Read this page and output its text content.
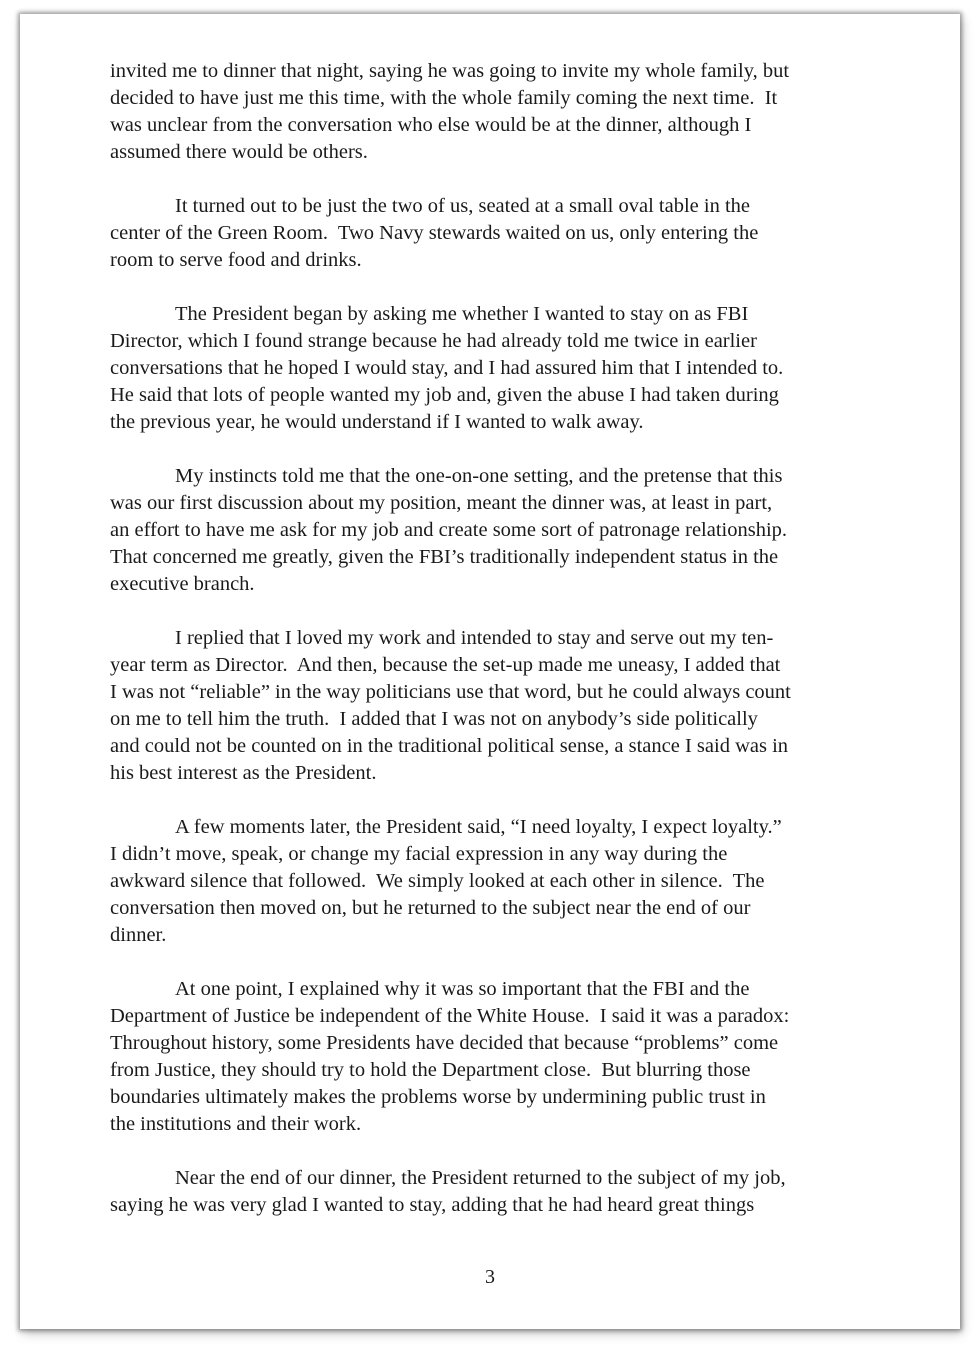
invited me to dinner that night, saying he was going to invite my whole family, but
decided to have just me this time, with the whole family coming the next time.  It
was unclear from the conversation who else would be at the dinner, although I
assumed there would be others.
It turned out to be just the two of us, seated at a small oval table in the
center of the Green Room.  Two Navy stewards waited on us, only entering the
room to serve food and drinks.
The President began by asking me whether I wanted to stay on as FBI
Director, which I found strange because he had already told me twice in earlier
conversations that he hoped I would stay, and I had assured him that I intended to.
He said that lots of people wanted my job and, given the abuse I had taken during
the previous year, he would understand if I wanted to walk away.
My instincts told me that the one-on-one setting, and the pretense that this
was our first discussion about my position, meant the dinner was, at least in part,
an effort to have me ask for my job and create some sort of patronage relationship.
That concerned me greatly, given the FBI’s traditionally independent status in the
executive branch.
I replied that I loved my work and intended to stay and serve out my ten-
year term as Director.  And then, because the set-up made me uneasy, I added that
I was not “reliable” in the way politicians use that word, but he could always count
on me to tell him the truth.  I added that I was not on anybody’s side politically
and could not be counted on in the traditional political sense, a stance I said was in
his best interest as the President.
A few moments later, the President said, “I need loyalty, I expect loyalty.”
I didn’t move, speak, or change my facial expression in any way during the
awkward silence that followed.  We simply looked at each other in silence.  The
conversation then moved on, but he returned to the subject near the end of our
dinner.
At one point, I explained why it was so important that the FBI and the
Department of Justice be independent of the White House.  I said it was a paradox:
Throughout history, some Presidents have decided that because “problems” come
from Justice, they should try to hold the Department close.  But blurring those
boundaries ultimately makes the problems worse by undermining public trust in
the institutions and their work.
Near the end of our dinner, the President returned to the subject of my job,
saying he was very glad I wanted to stay, adding that he had heard great things
3
